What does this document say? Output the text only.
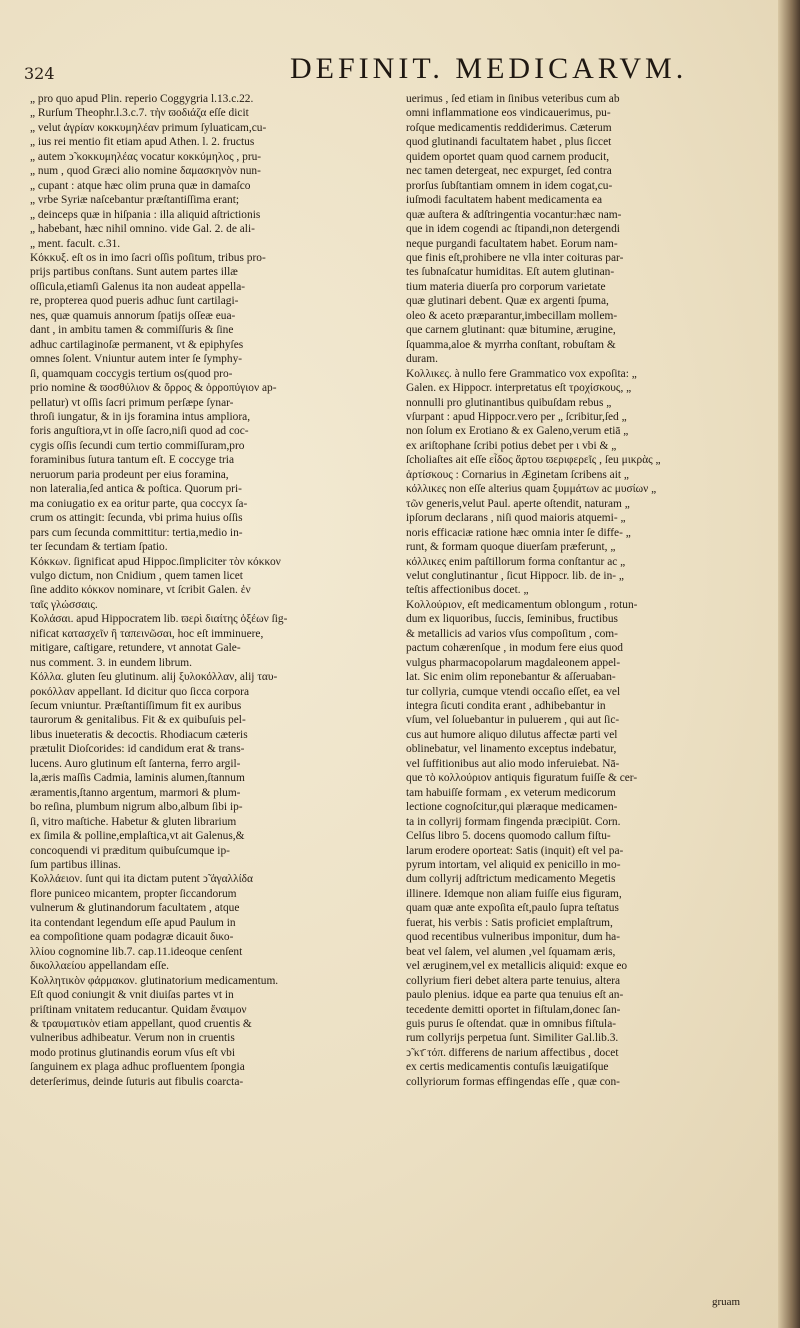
324	DEFINIT. MEDICARVM.
„ pro quo apud Plin. reperio Coggygria l.13.c.22.
„ Rurſum Theophr.l.3.c.7. τὴν ϖοδιάζα eſſe dicit
„ velut ἀγρίαν κοκκυμηλέαν primum ſyluaticam,cu-
„ ius rei mentio fit etiam apud Athen. l. 2. fructus
„ autem ↄ̃ κοκκυμηλέας vocatur κοκκύμηλος , pru-
„ num , quod Græci alio nomine δαμασκηνὸν nun-
„ cupant : atque hæc olim pruna quæ in damaſco
„ vrbe Syriæ naſcebantur præſtantiſſima erant;
„ deinceps quæ in hiſpania : illa aliquid aſtrictionis
„ habebant, hæc nihil omnino. vide Gal. 2. de ali-
„ ment. facult. c.31.
Κόκκυξ. eſt os in imo ſacri oſſis poſitum, tribus pro-
prijs partibus conſtans. Sunt autem partes illæ
oſſicula,etiamſi Galenus ita non audeat appella-
re, propterea quod pueris adhuc ſunt cartilagi-
nes, quæ quamuis annorum ſpatijs oſſeæ eua-
dant , in ambitu tamen & commiſſuris & ſine
adhuc cartilaginoſæ permanent, vt & epiphyſes
omnes ſolent. Vniuntur autem inter ſe ſymphy-
ſi, quamquam coccygis tertium os(quod pro-
prio nomine & ϖοσθύλιον & ὄρρος & ὀρροπύγιον ap-
pellatur) vt oſſis ſacri primum perſæpe ſynar-
throſi iungatur, & in ijs foramina intus ampliora,
foris anguſtiora,vt in oſſe ſacro,niſi quod ad coc-
cygis oſſis ſecundi cum tertio commiſſuram,pro
foraminibus ſutura tantum eſt. E coccyge tria
neruorum paria prodeunt per eius foramina,
non lateralia,ſed antica & poſtica. Quorum pri-
ma coniugatio ex ea oritur parte, qua coccyx ſa-
crum os attingit: ſecunda, vbi prima huius oſſis
pars cum ſecunda committitur: tertia,medio in-
ter ſecundam & tertiam ſpatio.
Κόκκων. ſignificat apud Hippoc.ſimpliciter τὸν κόκκον
vulgo dictum, non Cnidium , quem tamen licet
ſine addito κόκκον nominare, vt ſcribit Galen. ἐν
ταῖς γλώσσαις.
Κολάσαι. apud Hippocratem lib. ϖερὶ διαίτης ὀξέων ſig-
nificat κατασχεῖν ἢ ταπεινῶσαι, hoc eſt imminuere,
mitigare, caſtigare, retundere, vt annotat Gale-
nus comment. 3. in eundem librum.
Κόλλα. gluten ſeu glutinum. alij ξυλοκόλλαν, alij ταυ-
ροκόλλαν appellant. Id dicitur quo ſicca corpora
ſecum vniuntur. Præſtantiſſimum fit ex auribus
taurorum & genitalibus. Fit & ex quibuſuis pel-
libus inueteratis & decoctis. Rhodiacum cæteris
prætulit Dioſcorides: id candidum erat & trans-
lucens. Auro glutinum eſt ſanterna, ferro argil-
la,æris maſſis Cadmia, laminis alumen,ſtannum
æramentis,ſtanno argentum, marmori & plum-
bo reſina, plumbum nigrum albo,album ſibi ip-
ſi, vitro maſtiche. Habetur & gluten librarium
ex ſimila & polline,emplaſtica,vt ait Galenus,&
concoquendi vi præditum quibuſcumque ip-
ſum partibus illinas.
Κολλάειον. ſunt qui ita dictam putent ↄ̃ ἀγαλλίδα
flore puniceo micantem, propter ſiccandorum
vulnerum & glutinandorum facultatem , atque
ita contendant legendum eſſe apud Paulum in
ea compoſitione quam podagræ dicauit δικο-
λλίου cognomine lib.7. cap.11.ideoque cenſent
δικολλαείου appellandam eſſe.
Κολλητικὸν φάρμακον. glutinatorium medicamentum.
Eſt quod coniungit & vnit diuiſas partes vt in
priſtinam vnitatem reducantur. Quidam ἔναιμον
& τραυματικὸν etiam appellant, quod cruentis &
vulneribus adhibeatur. Verum non in cruentis
modo protinus glutinandis eorum vſus eſt vbi
ſanguinem ex plaga adhuc profluentem ſpongia
deterſerimus, deinde ſuturis aut fibulis coarcta-
uerimus , ſed etiam in ſinibus veteribus cum ab
omni inflammatione eos vindicauerimus, pu-
roſque medicamentis reddiderimus. Cæterum
quod glutinandi facultatem habet , plus ſiccet
quidem oportet quam quod carnem producit,
nec tamen detergeat, nec expurget, ſed contra
prorſus ſubſtantiam omnem in idem cogat,cu-
iuſmodi facultatem habent medicamenta ea
quæ auſtera & adſtringentia vocantur:hæc nam-
que in idem cogendi ac ſtipandi,non detergendi
neque purgandi facultatem habet. Eorum nam-
que finis eſt,prohibere ne vlla inter coituras par-
tes ſubnaſcatur humiditas. Eſt autem glutinan-
tium materia diuerſa pro corporum varietate
quæ glutinari debent. Quæ ex argenti ſpuma,
oleo & aceto præparantur,imbecillam mollem-
que carnem glutinant: quæ bitumine, ærugine,
ſquamma,aloe & myrrha conſtant, robuſtam &
duram.
Κολλικες. à nullo fere Grammatico vox expoſita: „
Galen. ex Hippocr. interpretatus eſt τροχίσκους, „
nonnulli pro glutinantibus quibuſdam rebus „
vſurpant : apud Hippocr.vero per „ ſcribitur,ſed „
non ſolum ex Erotiano & ex Galeno,verum etiā „
ex ariſtophane ſcribi potius debet per ι vbi & „
ſcholiaſtes ait eſſe εἶδος ἄρτου ϖεριφερεῖς , ſeu μικρὰς „
ἀρτίσκους : Cornarius in Æginetam ſcribens ait „
κόλλικες non eſſe alterius quam ξυμμάτων ac μυσίων „
τῶν generis,velut Paul. aperte oſtendit, naturam „
ipſorum declarans , niſi quod maioris atquemi- „
noris efficaciæ ratione hæc omnia inter ſe diffe- „
runt, & formam quoque diuerſam præferunt, „
κόλλικες enim paſtillorum forma conſtantur ac „
velut conglutinantur , ſicut Hippocr. lib. de in- „
teſtis affectionibus docet. „
Κολλούριον, eſt medicamentum oblongum , rotun-
dum ex liquoribus, ſuccis, ſeminibus, fructibus
& metallicis ad varios vſus compoſitum , com-
pactum cohærenſque , in modum fere eius quod
vulgus pharmacopolarum magdaleonem appel-
lat. Sic enim olim reponebantur & aſſeruaban-
tur collyria, cumque vtendi occaſio eſſet, ea vel
integra ſicuti condita erant , adhibebantur in
vſum, vel ſoluebantur in puluerem , qui aut ſic-
cus aut humore aliquo dilutus affectæ parti vel
oblinebatur, vel linamento exceptus indebatur,
vel ſuffitionibus aut alio modo inferuiebat. Nā-
que τὸ κολλούριον antiquis figuratum fuiſſe & cer-
tam habuiſſe formam , ex veterum medicorum
lectione cognoſcitur,qui plæraque medicamen-
ta in collyrij formam fingenda præcipiūt. Corn.
Celſus libro 5. docens quomodo callum fiſtu-
larum erodere oporteat: Satis (inquit) eſt vel pa-
pyrum intortam, vel aliquid ex penicillo in mo-
dum collyrij adſtrictum medicamento Megetis
illinere. Idemque non aliam fuiſſe eius figuram,
quam quæ ante expoſita eſt,paulo ſupra teſtatus
fuerat, his verbis : Satis proficiet emplaſtrum,
quod recentibus vulneribus imponitur, dum ha-
beat vel ſalem, vel alumen ,vel ſquamam æris,
vel æruginem,vel ex metallicis aliquid: exque eo
collyrium fieri debet altera parte tenuius, altera
paulo plenius. idque ea parte qua tenuius eſt an-
tecedente demitti oportet in fiſtulam,donec ſan-
guis purus ſe oſtendat. quæ in omnibus fiſtula-
rum collyrijs perpetua ſunt. Similiter Gal.lib.3.
ↄ̃ κτ̄ τόπ. differens de narium affectibus , docet
ex certis medicamentis contuſis læuigatiſque
collyriorum formas effingendas eſſe , quæ con-
gruam
